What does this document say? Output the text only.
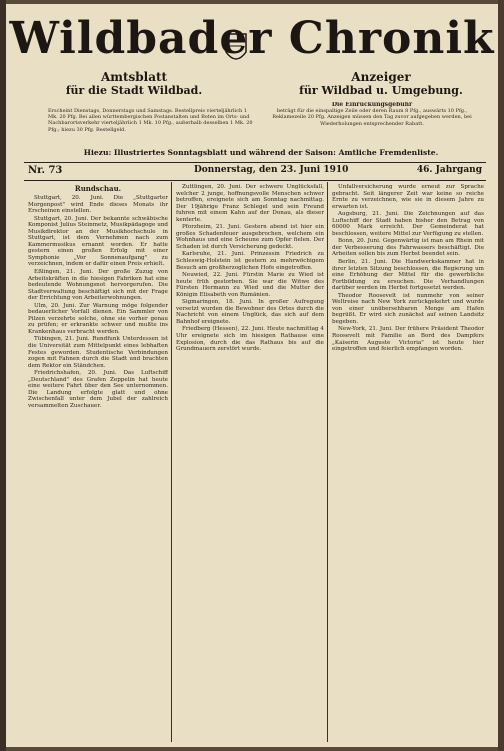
Wildbader Chronik
Amtsblatt
für die Stadt Wildbad.
Anzeiger
für Wildbad u. Umgebung.
Erscheint Dienstags, Donnerstags und Samstags. Bestellpreis vierteljährlich 1 Mk. 20 Pfg. Bei allen württembergischen Postanstalten und Boten im Orts- und Nachbarortsverkehr vierteljährlich 1 Mk. 10 Pfg., außerhalb desselben 1 Mk. 20 Pfg.; hiezu 30 Pfg. Bestellgeld.
Die Einrückungsgebühr
beträgt für die einspaltige Zeile oder deren Raum 8 Pfg., auswärts 10 Pfg., Reklamezeile 20 Pfg. Anzeigen müssen den Tag zuvor aufgegeben werden, bei Wiederholungen entsprechender Rabatt.
Hiezu: Illustriertes Sonntagsblatt und während der Saison: Amtliche Fremdenliste.
Nr. 73	Donnerstag, den 23. Juni 1910	46. Jahrgang
Rundschau.

Stuttgart, 20. Juni. Die „Stuttgarter Morgenpost" wird Ende dieses Monats ihr Erscheinen einstellen.

Stuttgart, 20. Juni. Der bekannte schwäbische Komponist Julius Steinmetz, Musikpädagoge und Musikdirektor an der Musikhochschule in Stuttgart, ist dem Vernehmen nach zum Kammermusikus ernannt worden. Er hatte gestern einen großen Erfolg mit einer Symphonie „Vor Sonnenaufgang" zu verzeichnen, indem er dafür einen Preis erhielt.

Eßlingen, 21. Juni. Der große Zuzug von Arbeitskräften in die hiesigen Fabriken hat eine bedeutende Wohnungsnot hervorgerufen. Die Stadtverwaltung beschäftigt sich mit der Frage der Errichtung von Arbeiterwohnungen.

Ulm, 20. Juni. Zur Warnung möge folgender bedauerlicher Vorfall dienen. Ein Sammler von Pilzen verzehrte solche, ohne sie vorher genau zu prüfen; er erkrankte schwer und mußte ins Krankenhaus verbracht werden.

Tübingen, 21. Juni. Rundfunk Unterdessen ist die Universität zum Mittelpunkt eines lebhaften Festes geworden. Studentische Verbindungen zogen mit Fahnen durch die Stadt und brachten dem Rektor ein Ständchen.

Friedrichshafen, 20. Juni. Das Luftschiff „Deutschland" des Grafen Zeppelin hat heute eine weitere Fahrt über den See unternommen. Die Landung erfolgte glatt und ohne Zwischenfall unter dem Jubel der zahlreich versammelten Zuschauer.

Zuttlingen, 20. Juni. Der schwere Unglücksfall, welcher 2 junge, hoffnungsvolle Menschen schwer betroffen, ereignete sich am Sonntag nachmittag. Der 19jährige Franz Schlegel und sein Freund fuhren mit einem Kahn auf der Donau, als dieser kenterte.

Pforzheim, 21. Juni. Gestern abend ist hier ein großes Schadenfeuer ausgebrochen, welchem ein Wohnhaus und eine Scheune zum Opfer fielen. Der Schaden ist durch Versicherung gedeckt.

Karlsruhe, 21. Juni. Prinzessin Friedrich zu Schleswig-Holstein ist gestern zu mehrwöchigem Besuch am großherzoglichen Hofe eingetroffen.

Neuwied, 22. Juni. Fürstin Marie zu Wied ist heute früh gestorben. Sie war die Witwe des Fürsten Hermann zu Wied und die Mutter der Königin Elisabeth von Rumänien.

Sigmaringen, 18. Juni. In großer Aufregung versetzt wurden die Bewohner des Ortes durch die Nachricht von einem Unglück, das sich auf dem Bahnhof ereignete.

Friedberg (Hessen), 22. Juni. Heute nachmittag 4 Uhr ereignete sich im hiesigen Rathause eine Explosion, durch die das Rathaus bis auf die Grundmauern zerstört wurde.

Unfallversicherung wurde erneut zur Sprache gebracht. Seit längerer Zeit war keine so reiche Ernte zu verzeichnen, wie sie in diesem Jahre zu erwarten ist.

Augsburg, 21. Juni. Die Zeichnungen auf das Luftschiff der Stadt haben bisher den Betrag von 60000 Mark erreicht. Der Gemeinderat hat beschlossen, weitere Mittel zur Verfügung zu stellen.

Bonn, 20. Juni. Gegenwärtig ist man am Rhein mit der Verbesserung des Fahrwassers beschäftigt. Die Arbeiten sollen bis zum Herbst beendet sein.

Berlin, 21. Juni. Die Handwerkskammer hat in ihrer letzten Sitzung beschlossen, die Regierung um eine Erhöhung der Mittel für die gewerbliche Fortbildung zu ersuchen. Die Verhandlungen darüber werden im Herbst fortgesetzt werden.

Theodor Roosevelt ist nunmehr von seiner Weltreise nach New York zurückgekehrt und wurde von einer unübersehbaren Menge am Hafen begrüßt. Er wird sich zunächst auf seinen Landsitz begeben.

New-York, 21. Juni. Der frühere Präsident Theodor Roosevelt mit Familie an Bord des Dampfers „Kaiserin Auguste Victoria" ist heute hier eingetroffen und feierlich empfangen worden.
